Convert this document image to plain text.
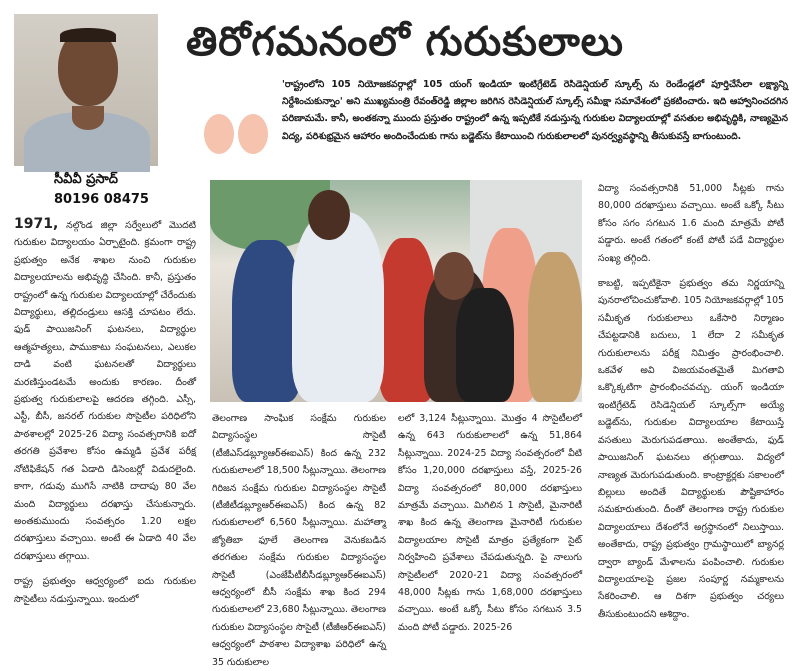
సీవీవీ ప్రసాద్
80196 08475
తిరోగమనంలో గురుకులాలు

'రాష్ట్రంలోని 105 నియోజకవర్గాల్లో 105 యంగ్ ఇండియా ఇంటిగ్రేటెడ్ రెసిడెన్షియల్ స్కూల్స్ ను రెండేండ్లలో పూర్తిచేసేలా లక్ష్యాన్ని నిర్దేశించుకున్నాం' అని ముఖ్యమంత్రి రేవంత్‌రెడ్డి జిల్లాల జరిగిన రెసిడెన్షియల్ స్కూల్స్ సమీక్షా సమావేశంలో ప్రకటించారు. ఇది ఆహ్వానించదగిన పరిణామమే. కానీ, అంతకన్నా ముందు ప్రస్తుతం రాష్ట్రంలో ఉన్న ఇప్పటికే నడుస్తున్న గురుకుల విద్యాలయాల్లో వసతుల అభివృద్ధికి, నాణ్యమైన విద్య, పరిశుభ్రమైన ఆహారం అందించేందుకు గాను బడ్జెట్‌ను కేటాయించి గురుకులాలలో పునర్వ్యవస్థాన్ని తీసుకువస్తే బాగుంటుంది.

1971, నల్గొండ జిల్లా సర్వేలులో మొదటి గురుకుల విద్యాలయం ఏర్పాటైంది. క్రమంగా రాష్ట్ర ప్రభుత్వం అనేక శాఖల నుంచి గురుకుల విద్యాలయాలను అభివృద్ధి చేసింది. కానీ, ప్రస్తుతం రాష్ట్రంలో ఉన్న గురుకుల విద్యాలయాల్లో చేరేందుకు విద్యార్థులు, తల్లిదండ్రులు ఆసక్తి చూపటం లేదు. ఫుడ్ పాయిజనింగ్ ఘటనలు, విద్యార్థుల ఆత్మహత్యలు, పాముకాటు సంఘటనలు, ఎలుకల దాడి వంటి ఘటనలతో విద్యార్థులు మరణిస్తుండటమే అందుకు కారణం. దీంతో ప్రభుత్వ గురుకులాలపై ఆదరణ తగ్గింది. ఎస్సీ, ఎస్టీ, బీసీ, జనరల్ గురుకుల సొసైటీల పరిధిలోని పాఠశాలల్లో 2025-26 విద్యా సంవత్సరానికి ఐదో తరగతి ప్రవేశాల కోసం ఉమ్మడి ప్రవేశ పరీక్ష నోటిఫికేషన్ గత ఏడాది డిసెంబర్లో విడుదలైంది. కాగా, గడువు ముగిసే నాటికి దాదాపు 80 వేల మంది విద్యార్థులు దరఖాస్తు చేసుకున్నారు. అంతకుముందు సంవత్సరం 1.20 లక్షల దరఖాస్తులు వచ్చాయి. అంటే ఈ ఏడాది 40 వేల దరఖాస్తులు తగ్గాయి.

రాష్ట్ర ప్రభుత్వం ఆధ్వర్యంలో ఐదు గురుకుల సొసైటీలు నడుస్తున్నాయి. ఇందులో

తెలంగాణ సాంఘిక సంక్షేమ గురుకుల విద్యాసంస్థల సొసైటీ (టీజీఎస్‌డబ్ల్యూఆర్ఈఐఎస్) కింద ఉన్న 232 గురుకులాలలో 18,500 సీట్లున్నాయి. తెలంగాణ గిరిజన సంక్షేమ గురుకుల విద్యాసంస్థల సొసైటీ (టీజీటీడబ్ల్యూఆర్ఈఐఎస్) కింద ఉన్న 82 గురుకులాలలో 6,560 సీట్లున్నాయి. మహాత్మా జ్యోతిబా ఫూలే తెలంగాణ వెనుకబడిన తరగతుల సంక్షేమ గురుకుల విద్యాసంస్థల సొసైటీ (ఎంజేపీటీబీసీడబ్ల్యూఆర్ఈఐఎస్) ఆధ్వర్యంలో బీసీ సంక్షేమ శాఖ కింద 294 గురుకులాలలో 23,680 సీట్లున్నాయి. తెలంగాణ గురుకుల విద్యాసంస్థల సొసైటీ (టీజీఆర్ఈఐఎస్) ఆధ్వర్యంలో పాఠశాల విద్యాశాఖ పరిధిలో ఉన్న 35 గురుకులాల

లలో 3,124 సీట్లున్నాయి. మొత్తం 4 సొసైటీలలో ఉన్న 643 గురుకులాలలో ఉన్న 51,864 సీట్లున్నాయి. 2024-25 విద్యా సంవత్సరంలో వీటి కోసం 1,20,000 దరఖాస్తులు వస్తే, 2025-26 విద్యా సంవత్సరంలో 80,000 దరఖాస్తులు మాత్రమే వచ్చాయి. మిగిలిన 1 సొసైటీ, మైనారిటీ శాఖ కింద ఉన్న తెలంగాణ మైనారిటీ గురుకుల విద్యాలయాల సొసైటీ మాత్రం ప్రత్యేకంగా సైట్ నిర్వహించి ప్రవేశాలు చేపడుతున్నది. పై నాలుగు సొసైటీలలో 2020-21 విద్యా సంవత్సరంలో 48,000 సీట్లకు గాను 1,68,000 దరఖాస్తులు వచ్చాయి. అంటే ఒక్కో సీటు కోసం సగటున 3.5 మంది పోటీ పడ్డారు. 2025-26

విద్యా సంవత్సరానికి 51,000 సీట్లకు గాను 80,000 దరఖాస్తులు వచ్చాయి. అంటే ఒక్కో సీటు కోసం సగం సగటున 1.6 మంది మాత్రమే పోటీ పడ్డారు. అంటే గతంలో కంటే పోటీ పడే విద్యార్థుల సంఖ్య తగ్గింది.

కాబట్టి, ఇప్పటికైనా ప్రభుత్వం తమ నిర్ణయాన్ని పునరాలోచించుకోవాలి. 105 నియోజకవర్గాల్లో 105 సమీకృత గురుకులాలు ఒకేసారి నిర్మాణం చేపట్టడానికి బదులు, 1 లేదా 2 సమీకృత గురుకులాలను పరీక్ష నిమిత్తం ప్రారంభించాలి. ఒకవేళ అవి విజయవంతమైతే మిగతావి ఒక్కొక్కటిగా ప్రారంభించవచ్చు. యంగ్ ఇండియా ఇంటిగ్రేటెడ్ రెసిడెన్షియల్ స్కూల్స్‌గా అయ్యే బడ్జెట్‌ను, గురుకుల విద్యాలయాల కేటాయిస్తే వసతులు మెరుగుపడతాయి. అంతేకాదు, ఫుడ్ పాయిజనింగ్ ఘటనలు తగ్గుతాయి. విద్యలో నాణ్యత మెరుగుపడుతుంది. కాంట్రాక్టర్లకు సకాలంలో బిల్లులు అందితే విద్యార్థులకు పౌష్టికాహారం సమకూరుతుంది. దీంతో తెలంగాణ రాష్ట్ర గురుకుల విద్యాలయాలు దేశంలోనే అగ్రస్థానంలో నిలుస్తాయి. అంతేకాదు, రాష్ట్ర ప్రభుత్వం గ్రామస్థాయిలో బ్యానర్ల ద్వారా బ్యాండ్ మేళాలను పంపించాలి. గురుకుల విద్యాలయాలపై ప్రజల సంపూర్ణ నమ్మకాలను సేకరించాలి. ఆ దిశగా ప్రభుత్వం చర్యలు తీసుకుంటుందని ఆశిద్దాం.
